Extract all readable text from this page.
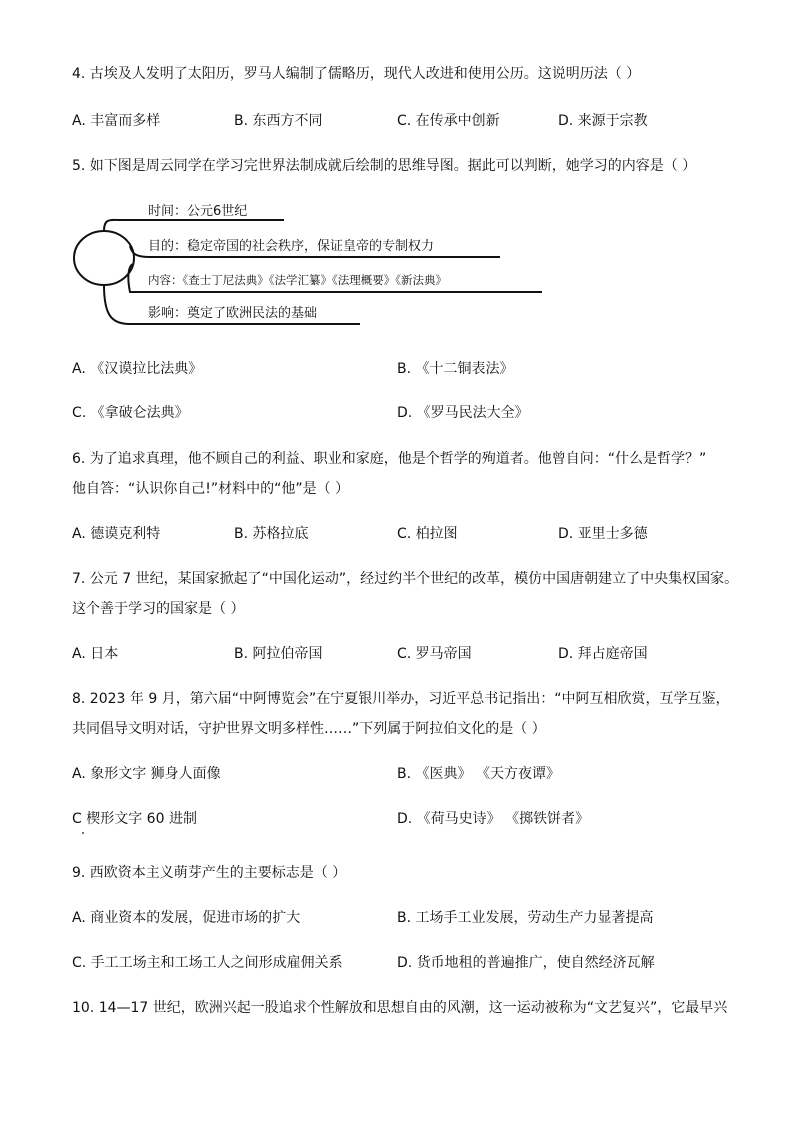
4. 古埃及人发明了太阳历，罗马人编制了儒略历，现代人改进和使用公历。这说明历法（ ）
A. 丰富而多样	B. 东西方不同	C. 在传承中创新	D. 来源于宗教
5. 如下图是周云同学在学习完世界法制成就后绘制的思维导图。据此可以判断，她学习的内容是（ ）
时间：公元6世纪
目的：稳定帝国的社会秩序，保证皇帝的专制权力
内容：《查士丁尼法典》《法学汇纂》《法理概要》《新法典》
影响：奠定了欧洲民法的基础
A. 《汉谟拉比法典》	B. 《十二铜表法》
C. 《拿破仑法典》	D. 《罗马民法大全》
6. 为了追求真理，他不顾自己的利益、职业和家庭，他是个哲学的殉道者。他曾自问：“什么是哲学？”
他自答：“认识你自己!”材料中的“他”是（ ）
A. 德谟克利特	B. 苏格拉底	C. 柏拉图	D. 亚里士多德
7. 公元 7 世纪，某国家掀起了“中国化运动”，经过约半个世纪的改革，模仿中国唐朝建立了中央集权国家。
这个善于学习的国家是（ ）
A. 日本	B. 阿拉伯帝国	C. 罗马帝国	D. 拜占庭帝国
8. 2023 年 9 月，第六届“中阿博览会”在宁夏银川举办，习近平总书记指出：“中阿互相欣赏，互学互鉴，
共同倡导文明对话，守护世界文明多样性……”下列属于阿拉伯文化的是（ ）
A. 象形文字 狮身人面像	B. 《医典》 《天方夜谭》
C 楔形文字 60 进制	D. 《荷马史诗》 《掷铁饼者》
9. 西欧资本主义萌芽产生的主要标志是（ ）
A. 商业资本的发展，促进市场的扩大	B. 工场手工业发展，劳动生产力显著提高
C. 手工工场主和工场工人之间形成雇佣关系	D. 货币地租的普遍推广，使自然经济瓦解
10. 14—17 世纪，欧洲兴起一股追求个性解放和思想自由的风潮，这一运动被称为“文艺复兴”，它最早兴
